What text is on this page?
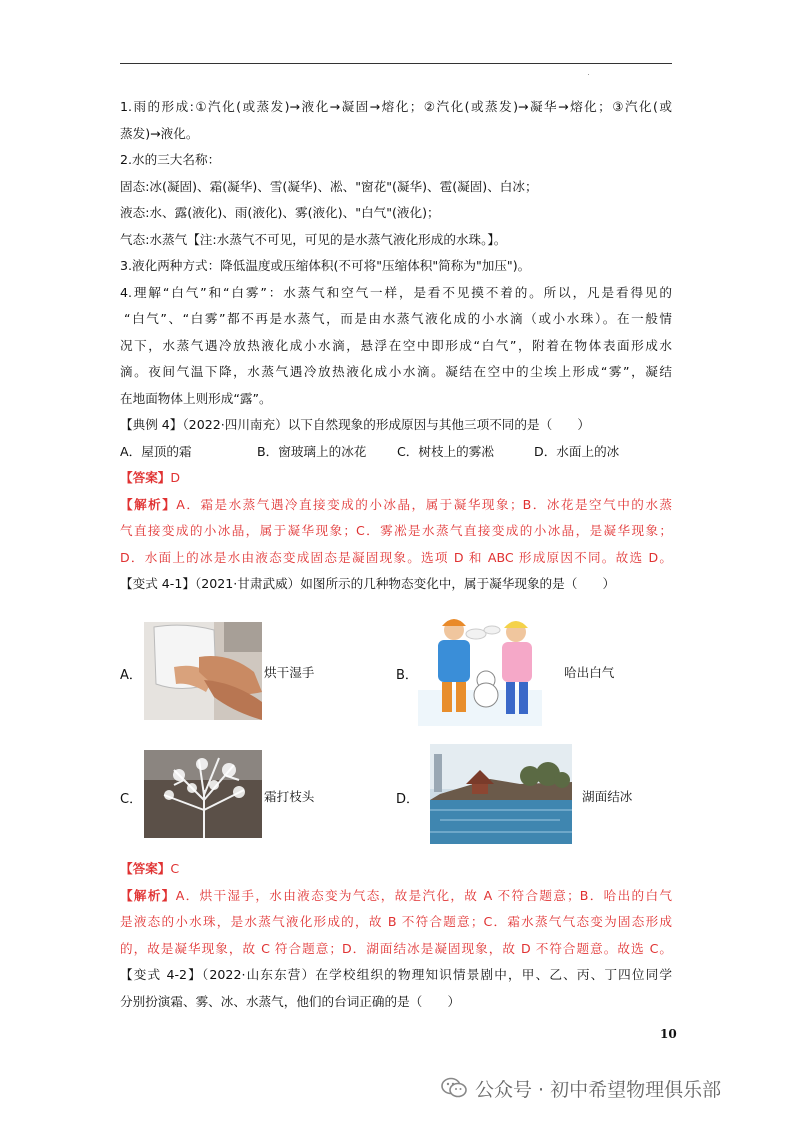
1.雨的形成:①汽化(或蒸发)→液化→凝固→熔化；②汽化(或蒸发)→凝华→熔化；③汽化(或
蒸发)→液化。
2.水的三大名称：
固态:冰(凝固)、霜(凝华)、雪(凝华)、凇、"窗花"(凝华)、雹(凝固)、白冰；
液态:水、露(液化)、雨(液化)、雾(液化)、"白气"(液化)；
气态:水蒸气【注:水蒸气不可见，可见的是水蒸气液化形成的水珠。】。
3.液化两种方式：降低温度或压缩体积(不可将"压缩体积"简称为"加压")。
4.理解“白气”和“白雾”：水蒸气和空气一样，是看不见摸不着的。所以，凡是看得见的
“白气”、“白雾”都不再是水蒸气，而是由水蒸气液化成的小水滴（或小水珠）。在一般情
况下，水蒸气遇冷放热液化成小水滴，悬浮在空中即形成“白气”，附着在物体表面形成水
滴。夜间气温下降，水蒸气遇冷放热液化成小水滴。凝结在空中的尘埃上形成“雾”，凝结
在地面物体上则形成“露”。
【典例 4】（2022·四川南充）以下自然现象的形成原因与其他三项不同的是（　　）
A．屋顶的霜	B．窗玻璃上的冰花 C．树枝上的雾凇	D．水面上的冰
【答案】D
【解析】A．霜是水蒸气遇冷直接变成的小冰晶，属于凝华现象；B．冰花是空气中的水蒸
气直接变成的小冰晶，属于凝华现象；C．雾凇是水蒸气直接变成的小冰晶，是凝华现象；
D．水面上的冰是水由液态变成固态是凝固现象。选项 D 和 ABC 形成原因不同。故选 D。
【变式 4-1】（2021·甘肃武威）如图所示的几种物态变化中，属于凝华现象的是（　　）
A．	烘干湿手	B．	哈出白气
C．	霜打枝头	D．	湖面结冰
【答案】C
【解析】A．烘干湿手，水由液态变为气态，故是汽化，故 A 不符合题意；B．哈出的白气
是液态的小水珠，是水蒸气液化形成的，故 B 不符合题意；C．霜水蒸气气态变为固态形成
的，故是凝华现象，故 C 符合题意；D．湖面结冰是凝固现象，故 D 不符合题意。故选 C。
【变式 4-2】（2022·山东东营）在学校组织的物理知识情景剧中，甲、乙、丙、丁四位同学
分别扮演霜、雾、冰、水蒸气，他们的台词正确的是（　　）
10
公众号 · 初中希望物理俱乐部
